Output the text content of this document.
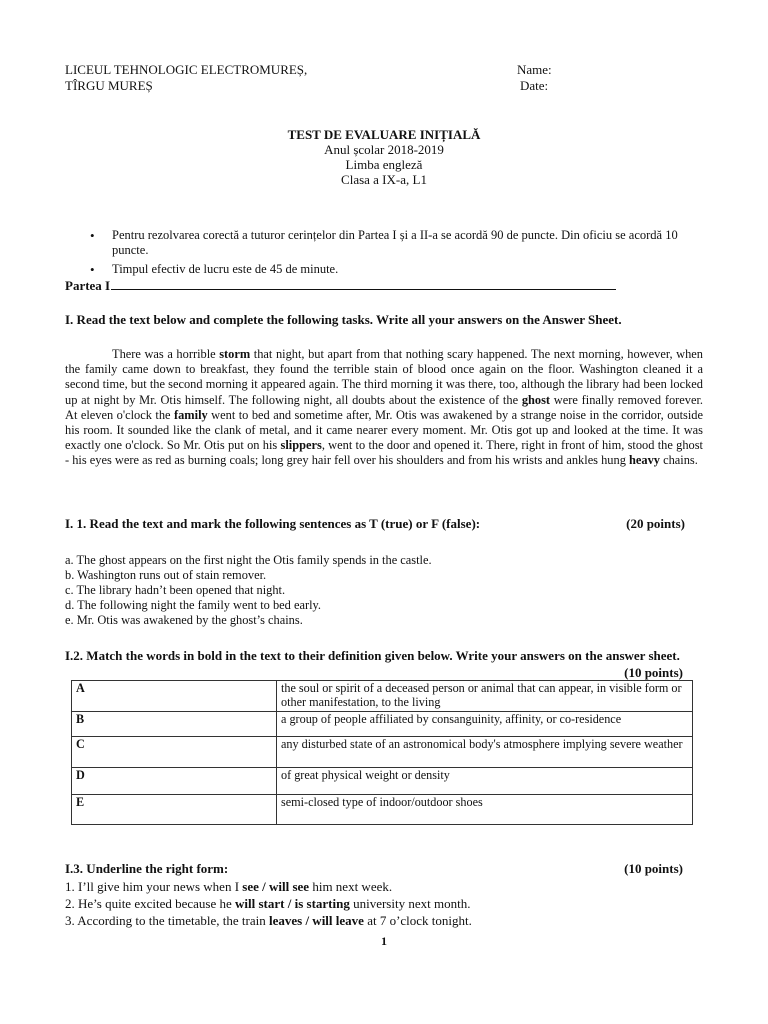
LICEUL TEHNOLOGIC ELECTROMUREȘ,
TÎRGU MUREȘ
Name:
Date:
TEST DE EVALUARE INIȚIALĂ
Anul școlar 2018-2019
Limba engleză
Clasa a IX-a, L1
• Pentru rezolvarea corectă a tuturor cerințelor din Partea I și a II-a se acordă 90 de puncte. Din oficiu se acordă 10 puncte.
• Timpul efectiv de lucru este de 45 de minute.
Partea I
I. Read the text below and complete the following tasks. Write all your answers on the Answer Sheet.
There was a horrible storm that night, but apart from that nothing scary happened. The next morning, however, when the family came down to breakfast, they found the terrible stain of blood once again on the floor. Washington cleaned it a second time, but the second morning it appeared again. The third morning it was there, too, although the library had been locked up at night by Mr. Otis himself. The following night, all doubts about the existence of the ghost were finally removed forever. At eleven o'clock the family went to bed and sometime after, Mr. Otis was awakened by a strange noise in the corridor, outside his room. It sounded like the clank of metal, and it came nearer every moment. Mr. Otis got up and looked at the time. It was exactly one o'clock. So Mr. Otis put on his slippers, went to the door and opened it. There, right in front of him, stood the ghost - his eyes were as red as burning coals; long grey hair fell over his shoulders and from his wrists and ankles hung heavy chains.
I. 1. Read the text and mark the following sentences as T (true) or F (false):	(20 points)
a. The ghost appears on the first night the Otis family spends in the castle.
b. Washington runs out of stain remover.
c. The library hadn’t been opened that night.
d. The following night the family went to bed early.
e. Mr. Otis was awakened by the ghost’s chains.
I.2. Match the words in bold in the text to their definition given below. Write your answers on the answer sheet.
(10 points)
A	the soul or spirit of a deceased person or animal that can appear, in visible form or other manifestation, to the living
B	a group of people affiliated by consanguinity, affinity, or co-residence
C	any disturbed state of an astronomical body's atmosphere implying severe weather
D	of great physical weight or density
E	semi-closed type of indoor/outdoor shoes
I.3. Underline the right form:	(10 points)
1. I’ll give him your news when I see / will see him next week.
2. He’s quite excited because he will start / is starting university next month.
3. According to the timetable, the train leaves / will leave at 7 o’clock tonight.
1
